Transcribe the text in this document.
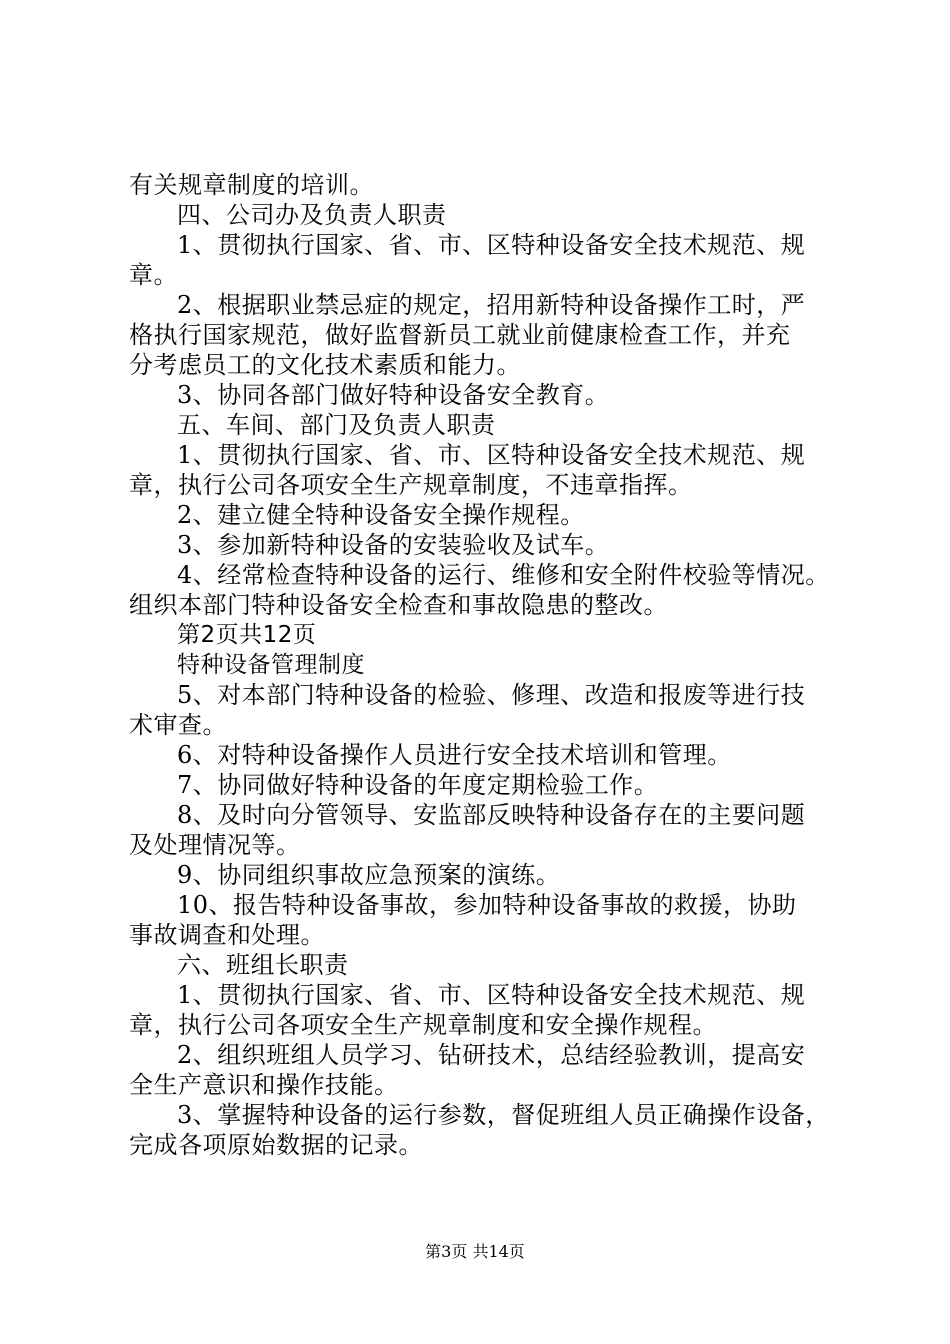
有关规章制度的培训。

四、公司办及负责人职责

1、贯彻执行国家、省、市、区特种设备安全技术规范、规

章。

2、根据职业禁忌症的规定，招用新特种设备操作工时，严

格执行国家规范，做好监督新员工就业前健康检查工作，并充

分考虑员工的文化技术素质和能力。

3、协同各部门做好特种设备安全教育。

五、车间、部门及负责人职责

1、贯彻执行国家、省、市、区特种设备安全技术规范、规

章，执行公司各项安全生产规章制度，不违章指挥。

2、建立健全特种设备安全操作规程。

3、参加新特种设备的安装验收及试车。

4、经常检查特种设备的运行、维修和安全附件校验等情况。

组织本部门特种设备安全检查和事故隐患的整改。

第2页共12页

特种设备管理制度

5、对本部门特种设备的检验、修理、改造和报废等进行技

术审查。

6、对特种设备操作人员进行安全技术培训和管理。

7、协同做好特种设备的年度定期检验工作。

8、及时向分管领导、安监部反映特种设备存在的主要问题

及处理情况等。

9、协同组织事故应急预案的演练。

10、报告特种设备事故，参加特种设备事故的救援，协助

事故调查和处理。

六、班组长职责

1、贯彻执行国家、省、市、区特种设备安全技术规范、规

章，执行公司各项安全生产规章制度和安全操作规程。

2、组织班组人员学习、钻研技术，总结经验教训，提高安

全生产意识和操作技能。

3、掌握特种设备的运行参数，督促班组人员正确操作设备，

完成各项原始数据的记录。

第3页 共14页
